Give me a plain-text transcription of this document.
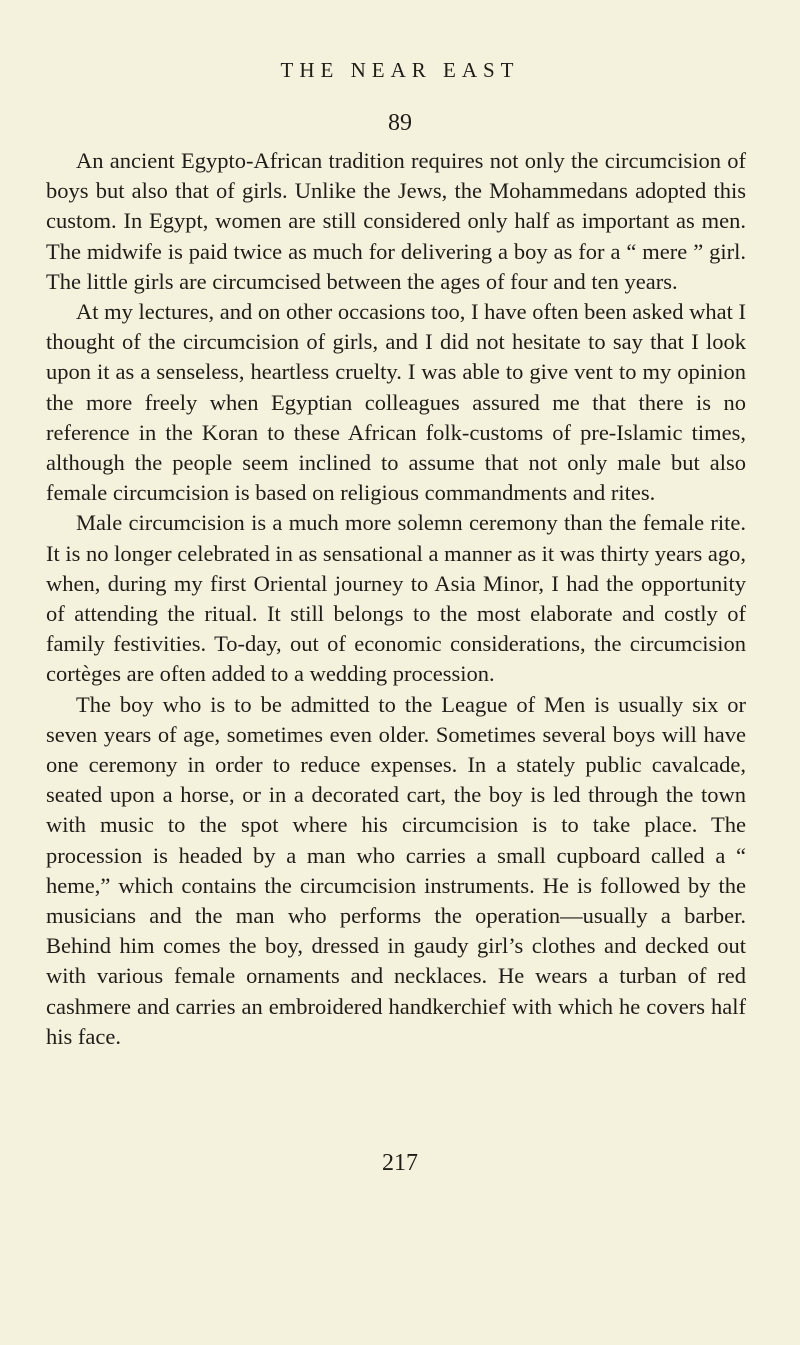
THE NEAR EAST
89

An ancient Egypto-African tradition requires not only the circumcision of boys but also that of girls. Unlike the Jews, the Mohammedans adopted this custom. In Egypt, women are still considered only half as important as men. The midwife is paid twice as much for delivering a boy as for a “ mere ” girl. The little girls are circumcised between the ages of four and ten years.

At my lectures, and on other occasions too, I have often been asked what I thought of the circumcision of girls, and I did not hesitate to say that I look upon it as a senseless, heartless cruelty. I was able to give vent to my opinion the more freely when Egyptian colleagues assured me that there is no reference in the Koran to these African folk-customs of pre-Islamic times, although the people seem inclined to assume that not only male but also female circumcision is based on religious commandments and rites.

Male circumcision is a much more solemn ceremony than the female rite. It is no longer celebrated in as sensational a manner as it was thirty years ago, when, during my first Oriental journey to Asia Minor, I had the opportunity of attending the ritual. It still belongs to the most elaborate and costly of family festivities. To-day, out of economic considerations, the circumcision cortèges are often added to a wedding procession.

The boy who is to be admitted to the League of Men is usually six or seven years of age, sometimes even older. Sometimes several boys will have one ceremony in order to reduce expenses. In a stately public cavalcade, seated upon a horse, or in a decorated cart, the boy is led through the town with music to the spot where his circumcision is to take place. The procession is headed by a man who carries a small cupboard called a “ heme,” which contains the circumcision instruments. He is followed by the musicians and the man who performs the operation—usually a barber. Behind him comes the boy, dressed in gaudy girl’s clothes and decked out with various female ornaments and necklaces. He wears a turban of red cashmere and carries an embroidered handkerchief with which he covers half his face.

217
